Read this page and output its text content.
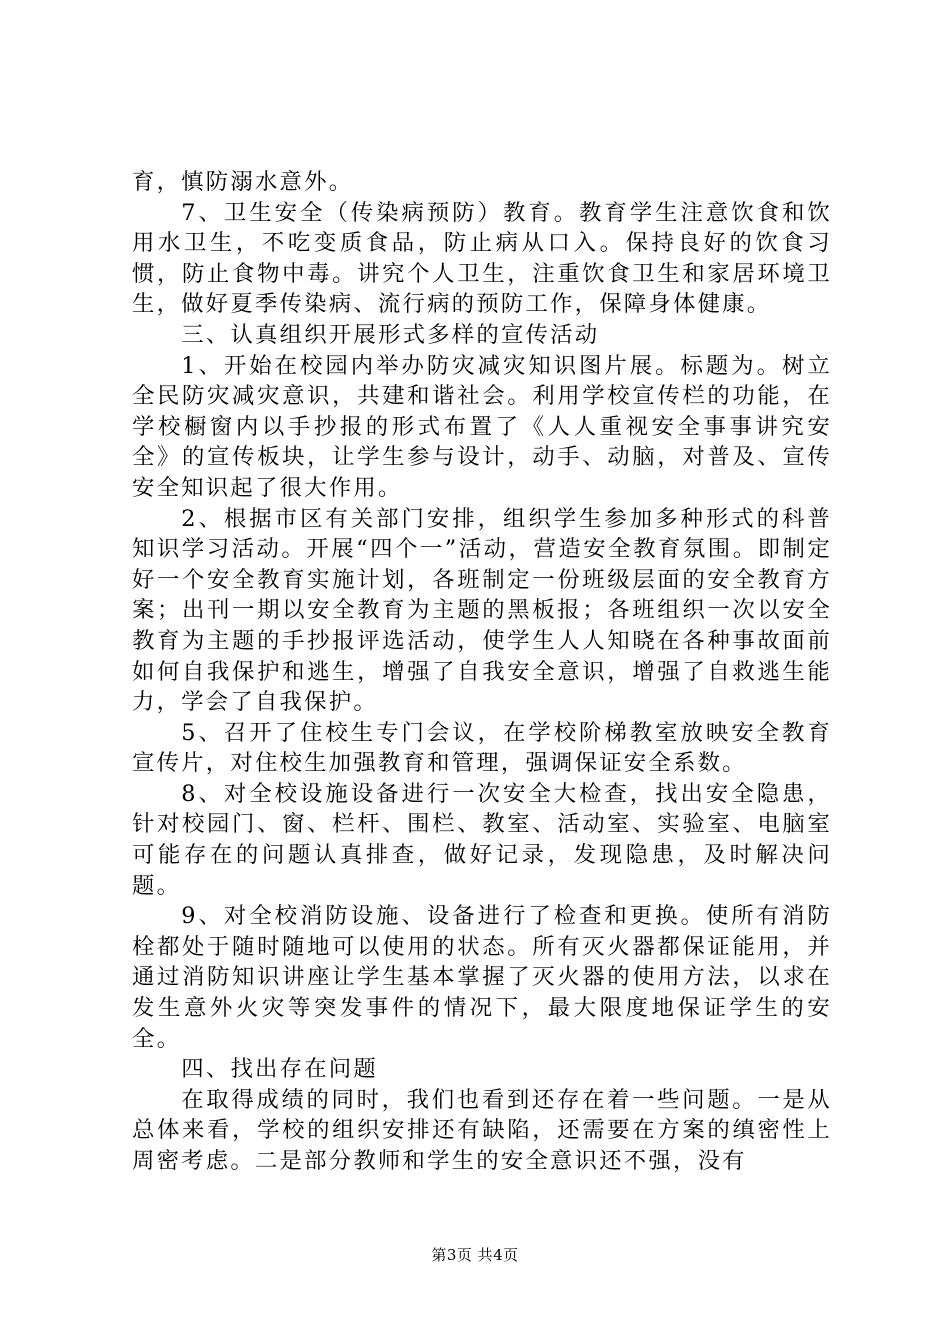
育，慎防溺水意外。

7、卫生安全（传染病预防）教育。教育学生注意饮食和饮用水卫生，不吃变质食品，防止病从口入。保持良好的饮食习惯，防止食物中毒。讲究个人卫生，注重饮食卫生和家居环境卫生，做好夏季传染病、流行病的预防工作，保障身体健康。

三、认真组织开展形式多样的宣传活动

1、开始在校园内举办防灾减灾知识图片展。标题为。树立全民防灾减灾意识，共建和谐社会。利用学校宣传栏的功能，在学校橱窗内以手抄报的形式布置了《人人重视安全事事讲究安全》的宣传板块，让学生参与设计，动手、动脑，对普及、宣传安全知识起了很大作用。

2、根据市区有关部门安排，组织学生参加多种形式的科普知识学习活动。开展“四个一”活动，营造安全教育氛围。即制定好一个安全教育实施计划，各班制定一份班级层面的安全教育方案；出刊一期以安全教育为主题的黑板报；各班组织一次以安全教育为主题的手抄报评选活动，使学生人人知晓在各种事故面前如何自我保护和逃生，增强了自我安全意识，增强了自救逃生能力，学会了自我保护。

5、召开了住校生专门会议，在学校阶梯教室放映安全教育宣传片，对住校生加强教育和管理，强调保证安全系数。

8、对全校设施设备进行一次安全大检查，找出安全隐患，针对校园门、窗、栏杆、围栏、教室、活动室、实验室、电脑室可能存在的问题认真排查，做好记录，发现隐患，及时解决问题。

9、对全校消防设施、设备进行了检查和更换。使所有消防栓都处于随时随地可以使用的状态。所有灭火器都保证能用，并通过消防知识讲座让学生基本掌握了灭火器的使用方法，以求在发生意外火灾等突发事件的情况下，最大限度地保证学生的安全。

四、找出存在问题

在取得成绩的同时，我们也看到还存在着一些问题。一是从总体来看，学校的组织安排还有缺陷，还需要在方案的缜密性上周密考虑。二是部分教师和学生的安全意识还不强，没有

第3页 共4页
